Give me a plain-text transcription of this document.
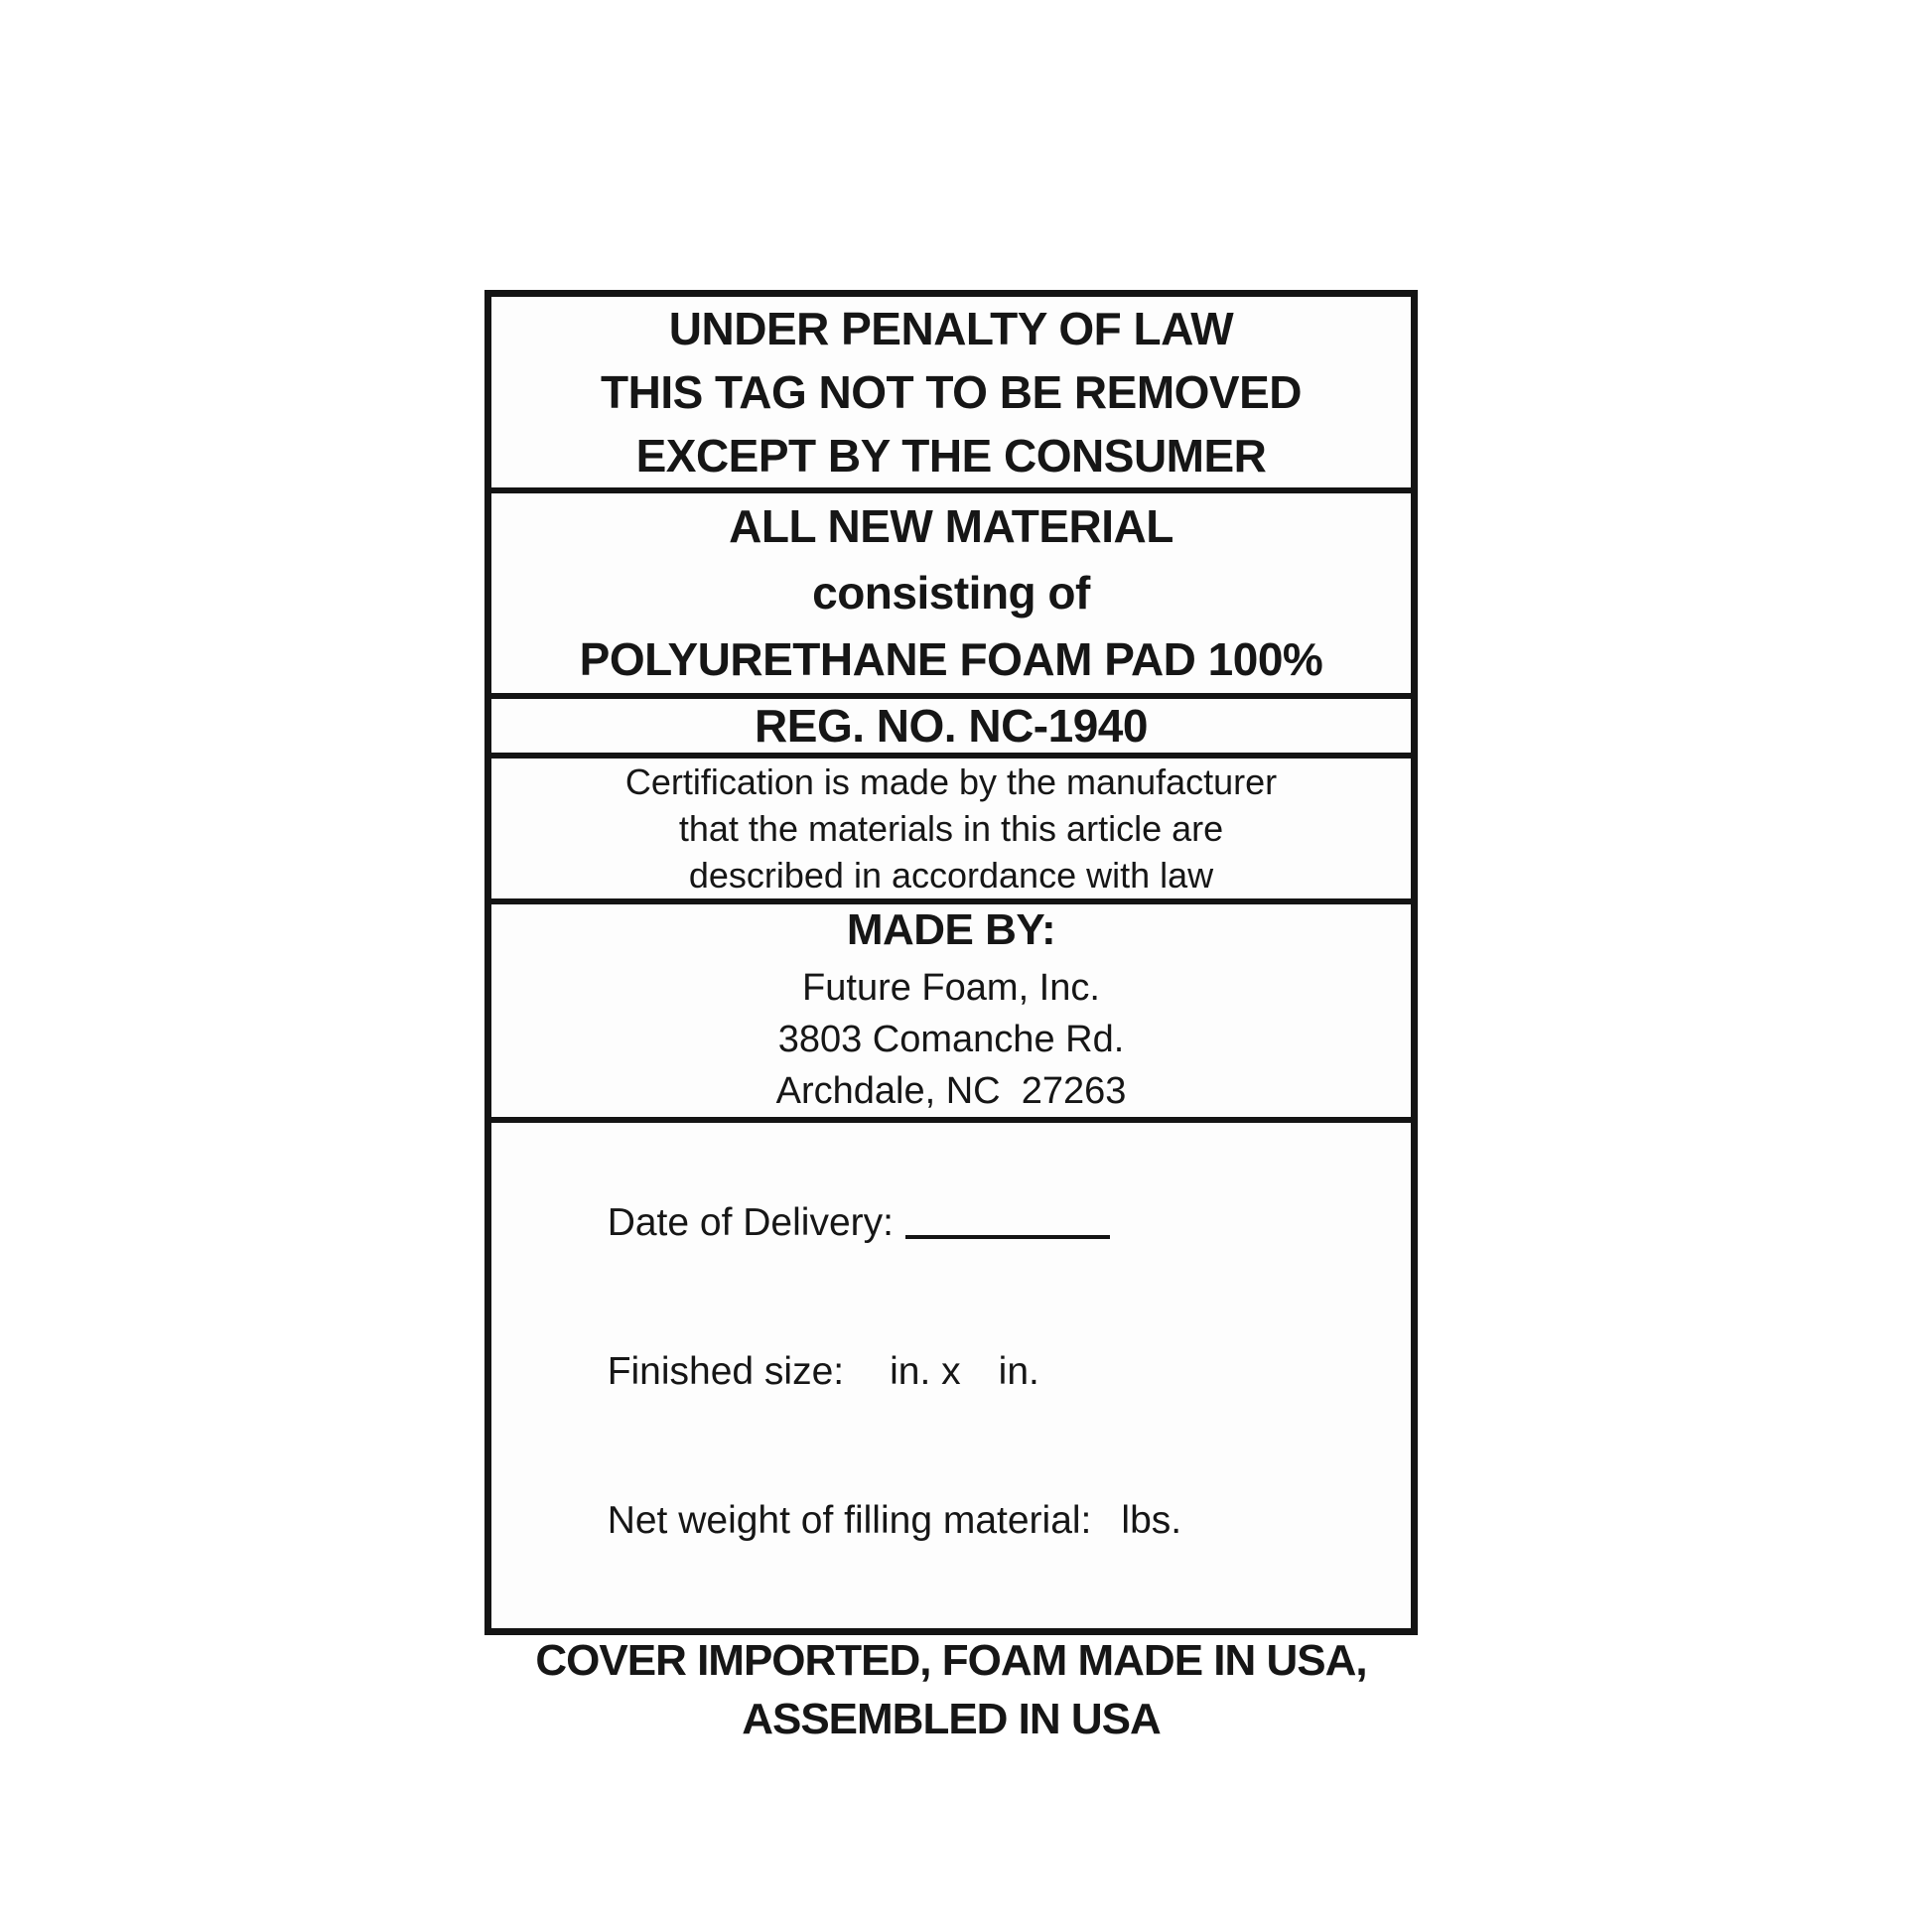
UNDER PENALTY OF LAW
THIS TAG NOT TO BE REMOVED
EXCEPT BY THE CONSUMER
ALL NEW MATERIAL
consisting of
POLYURETHANE FOAM PAD 100%
REG. NO. NC-1940
Certification is made by the manufacturer
that the materials in this article are
described in accordance with law
MADE BY:
Future Foam, Inc.
3803 Comanche Rd.
Archdale, NC  27263

Date of Delivery:

Finished size: in. x in.

Net weight of filling material: lbs.

COVER IMPORTED, FOAM MADE IN USA,
ASSEMBLED IN USA
